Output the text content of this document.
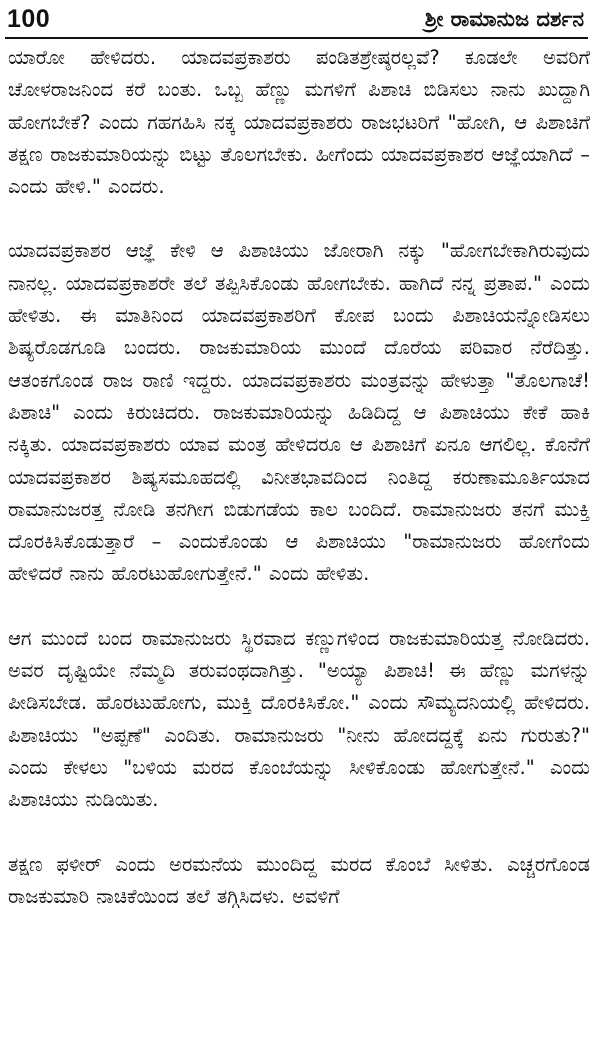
100	ಶ್ರೀ ರಾಮಾನುಜ ದರ್ಶನ

ಯಾರೋ ಹೇಳಿದರು. ಯಾದವಪ್ರಕಾಶರು ಪಂಡಿತಶ್ರೇಷ್ಠರಲ್ಲವೆ? ಕೂಡಲೇ ಅವರಿಗೆ ಚೋಳರಾಜನಿಂದ ಕರೆ ಬಂತು. ಒಬ್ಬ ಹೆಣ್ಣು ಮಗಳಿಗೆ ಪಿಶಾಚಿ ಬಿಡಿಸಲು ನಾನು ಖುದ್ದಾಗಿ ಹೋಗಬೇಕೆ? ಎಂದು ಗಹಗಹಿಸಿ ನಕ್ಕ ಯಾದವಪ್ರಕಾಶರು ರಾಜಭಟರಿಗೆ "ಹೋಗಿ, ಆ ಪಿಶಾಚಿಗೆ ತಕ್ಷಣ ರಾಜಕುಮಾರಿಯನ್ನು ಬಿಟ್ಟು ತೊಲಗಬೇಕು. ಹೀಗೆಂದು ಯಾದವಪ್ರಕಾಶರ ಆಜ್ಞೆಯಾಗಿದೆ – ಎಂದು ಹೇಳಿ." ಎಂದರು.

ಯಾದವಪ್ರಕಾಶರ ಆಜ್ಞೆ ಕೇಳಿ ಆ ಪಿಶಾಚಿಯು ಜೋರಾಗಿ ನಕ್ಕು "ಹೋಗಬೇಕಾಗಿರುವುದು ನಾನಲ್ಲ. ಯಾದವಪ್ರಕಾಶರೇ ತಲೆ ತಪ್ಪಿಸಿಕೊಂಡು ಹೋಗಬೇಕು. ಹಾಗಿದೆ ನನ್ನ ಪ್ರತಾಪ." ಎಂದು ಹೇಳಿತು. ಈ ಮಾತಿನಿಂದ ಯಾದವಪ್ರಕಾಶರಿಗೆ ಕೋಪ ಬಂದು ಪಿಶಾಚಿಯನ್ನೋಡಿಸಲು ಶಿಷ್ಯರೊಡಗೂಡಿ ಬಂದರು. ರಾಜಕುಮಾರಿಯ ಮುಂದೆ ದೊರೆಯ ಪರಿವಾರ ನೆರೆದಿತ್ತು. ಆತಂಕಗೊಂಡ ರಾಜ ರಾಣಿ ಇದ್ದರು. ಯಾದವಪ್ರಕಾಶರು ಮಂತ್ರವನ್ನು ಹೇಳುತ್ತಾ "ತೊಲಗಾಚೆ! ಪಿಶಾಚಿ" ಎಂದು ಕಿರುಚಿದರು. ರಾಜಕುಮಾರಿಯನ್ನು ಹಿಡಿದಿದ್ದ ಆ ಪಿಶಾಚಿಯು ಕೇಕೆ ಹಾಕಿ ನಕ್ಕಿತು. ಯಾದವಪ್ರಕಾಶರು ಯಾವ ಮಂತ್ರ ಹೇಳಿದರೂ ಆ ಪಿಶಾಚಿಗೆ ಏನೂ ಆಗಲಿಲ್ಲ. ಕೊನೆಗೆ ಯಾದವಪ್ರಕಾಶರ ಶಿಷ್ಯಸಮೂಹದಲ್ಲಿ ವಿನೀತಭಾವದಿಂದ ನಿಂತಿದ್ದ ಕರುಣಾಮೂರ್ತಿಯಾದ ರಾಮಾನುಜರತ್ತ ನೋಡಿ ತನಗೀಗ ಬಿಡುಗಡೆಯ ಕಾಲ ಬಂದಿದೆ. ರಾಮಾನುಜರು ತನಗೆ ಮುಕ್ತಿ ದೊರಕಿಸಿಕೊಡುತ್ತಾರೆ – ಎಂದುಕೊಂಡು ಆ ಪಿಶಾಚಿಯು "ರಾಮಾನುಜರು ಹೋಗೆಂದು ಹೇಳಿದರೆ ನಾನು ಹೊರಟುಹೋಗುತ್ತೇನೆ." ಎಂದು ಹೇಳಿತು.

ಆಗ ಮುಂದೆ ಬಂದ ರಾಮಾನುಜರು ಸ್ಥಿರವಾದ ಕಣ್ಣುಗಳಿಂದ ರಾಜಕುಮಾರಿಯತ್ತ ನೋಡಿದರು. ಅವರ ದೃಷ್ಟಿಯೇ ನೆಮ್ಮದಿ ತರುವಂಥದಾಗಿತ್ತು. "ಅಯ್ಯಾ ಪಿಶಾಚಿ! ಈ ಹೆಣ್ಣು ಮಗಳನ್ನು ಪೀಡಿಸಬೇಡ. ಹೊರಟುಹೋಗು, ಮುಕ್ತಿ ದೊರಕಿಸಿಕೋ." ಎಂದು ಸೌಮ್ಯದನಿಯಲ್ಲಿ ಹೇಳಿದರು. ಪಿಶಾಚಿಯು "ಅಪ್ಪಣೆ" ಎಂದಿತು. ರಾಮಾನುಜರು "ನೀನು ಹೋದದ್ದಕ್ಕೆ ಏನು ಗುರುತು?" ಎಂದು ಕೇಳಲು "ಬಳಿಯ ಮರದ ಕೊಂಬೆಯನ್ನು ಸೀಳಿಕೊಂಡು ಹೋಗುತ್ತೇನೆ." ಎಂದು ಪಿಶಾಚಿಯು ನುಡಿಯಿತು.

ತಕ್ಷಣ ಫಳೀರ್ ಎಂದು ಅರಮನೆಯ ಮುಂದಿದ್ದ ಮರದ ಕೊಂಬೆ ಸೀಳಿತು. ಎಚ್ಚರಗೊಂಡ ರಾಜಕುಮಾರಿ ನಾಚಿಕೆಯಿಂದ ತಲೆ ತಗ್ಗಿಸಿದಳು. ಅವಳಿಗೆ
